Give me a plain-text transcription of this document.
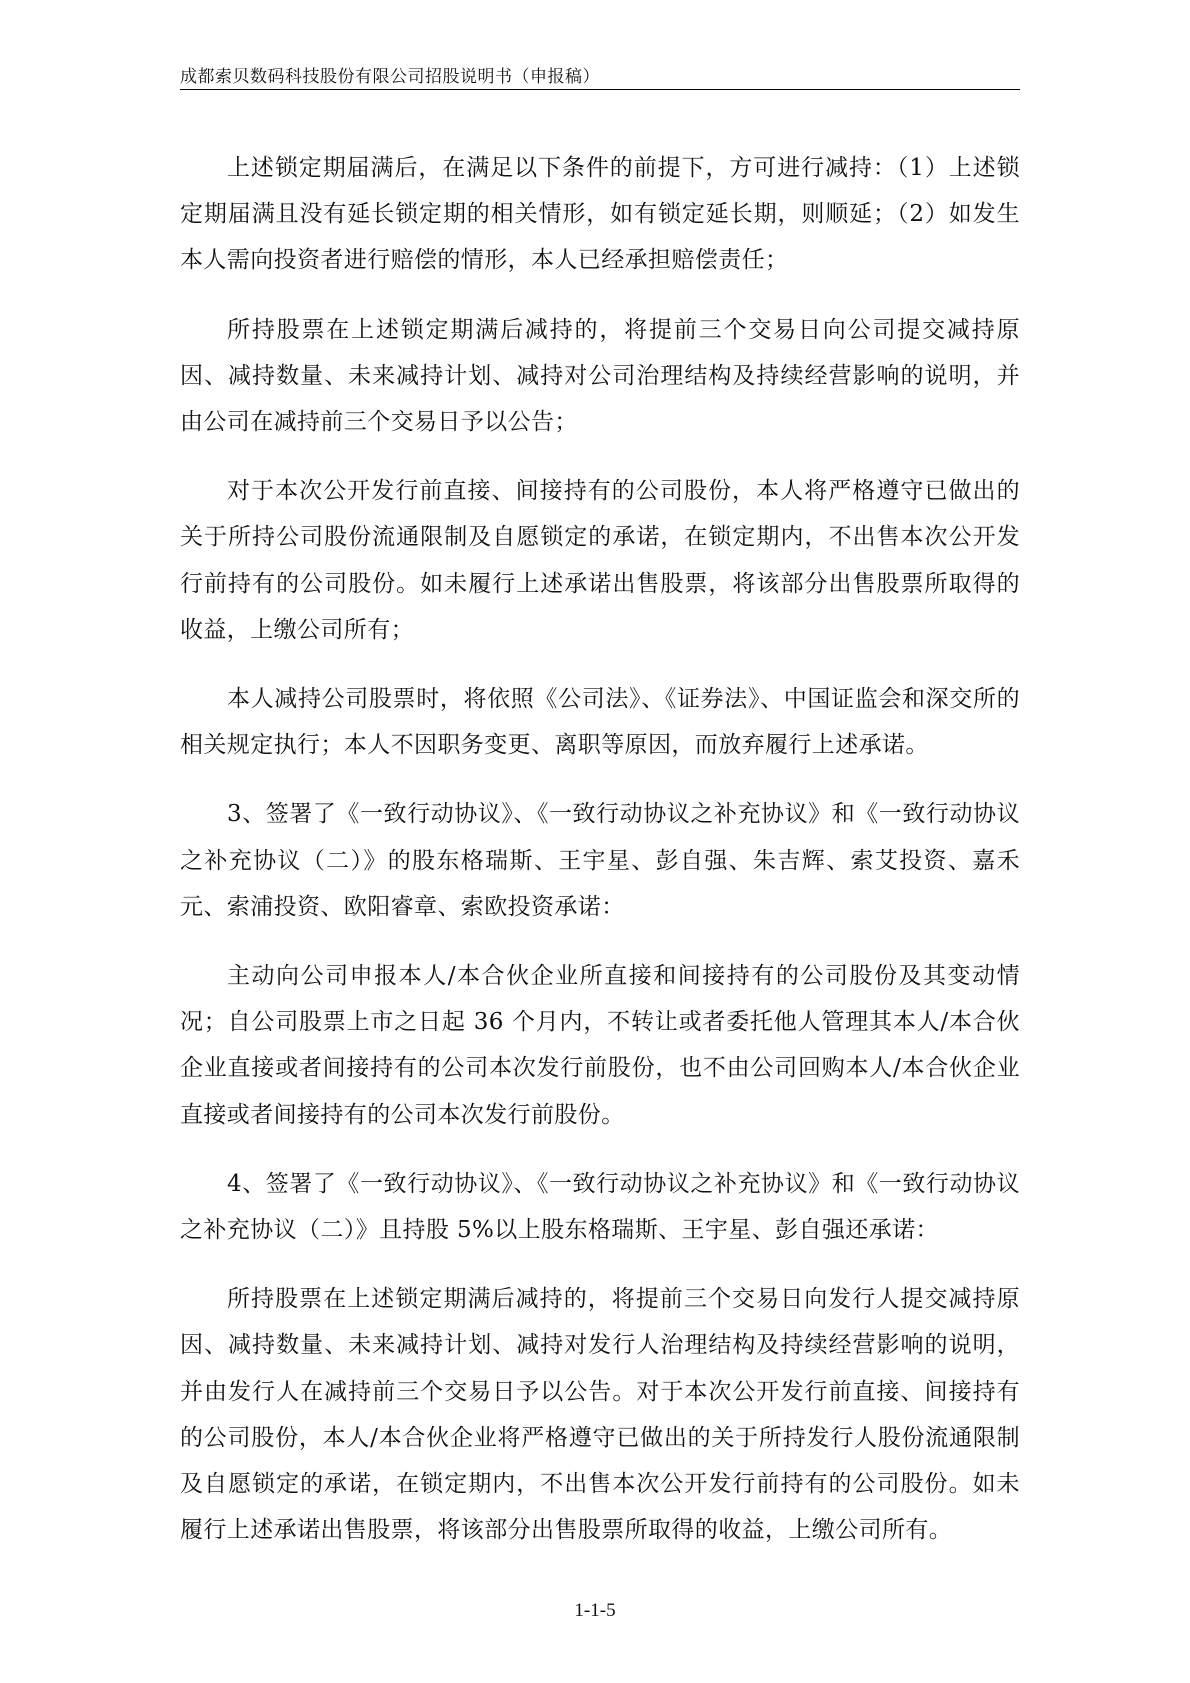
成都索贝数码科技股份有限公司招股说明书（申报稿）

上述锁定期届满后，在满足以下条件的前提下，方可进行减持：（1）上述锁定期届满且没有延长锁定期的相关情形，如有锁定延长期，则顺延；（2）如发生本人需向投资者进行赔偿的情形，本人已经承担赔偿责任；

所持股票在上述锁定期满后减持的，将提前三个交易日向公司提交减持原因、减持数量、未来减持计划、减持对公司治理结构及持续经营影响的说明，并由公司在减持前三个交易日予以公告；

对于本次公开发行前直接、间接持有的公司股份，本人将严格遵守已做出的关于所持公司股份流通限制及自愿锁定的承诺，在锁定期内，不出售本次公开发行前持有的公司股份。如未履行上述承诺出售股票，将该部分出售股票所取得的收益，上缴公司所有；

本人减持公司股票时，将依照《公司法》、《证券法》、中国证监会和深交所的相关规定执行；本人不因职务变更、离职等原因，而放弃履行上述承诺。

3、签署了《一致行动协议》、《一致行动协议之补充协议》和《一致行动协议之补充协议（二）》的股东格瑞斯、王宇星、彭自强、朱吉辉、索艾投资、嘉禾元、索浦投资、欧阳睿章、索欧投资承诺：

主动向公司申报本人/本合伙企业所直接和间接持有的公司股份及其变动情况；自公司股票上市之日起 36 个月内，不转让或者委托他人管理其本人/本合伙企业直接或者间接持有的公司本次发行前股份，也不由公司回购本人/本合伙企业直接或者间接持有的公司本次发行前股份。

4、签署了《一致行动协议》、《一致行动协议之补充协议》和《一致行动协议之补充协议（二）》且持股 5%以上股东格瑞斯、王宇星、彭自强还承诺：

所持股票在上述锁定期满后减持的，将提前三个交易日向发行人提交减持原因、减持数量、未来减持计划、减持对发行人治理结构及持续经营影响的说明，并由发行人在减持前三个交易日予以公告。对于本次公开发行前直接、间接持有的公司股份，本人/本合伙企业将严格遵守已做出的关于所持发行人股份流通限制及自愿锁定的承诺，在锁定期内，不出售本次公开发行前持有的公司股份。如未履行上述承诺出售股票，将该部分出售股票所取得的收益，上缴公司所有。

1-1-5
